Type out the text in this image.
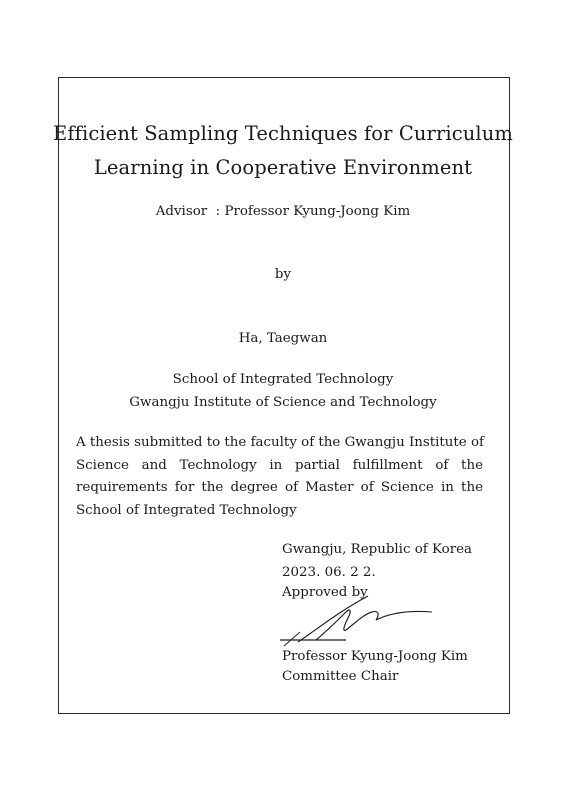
Efficient Sampling Techniques for Curriculum
Learning in Cooperative Environment
Advisor  : Professor Kyung-Joong Kim
by
Ha, Taegwan
School of Integrated Technology
Gwangju Institute of Science and Technology
A thesis submitted to the faculty of the Gwangju Institute of
Science and Technology in partial fulfillment of the
requirements for the degree of Master of Science in the
School of Integrated Technology
Gwangju, Republic of Korea
2023. 06. 2 2.
Approved by
Professor Kyung-Joong Kim
Committee Chair
